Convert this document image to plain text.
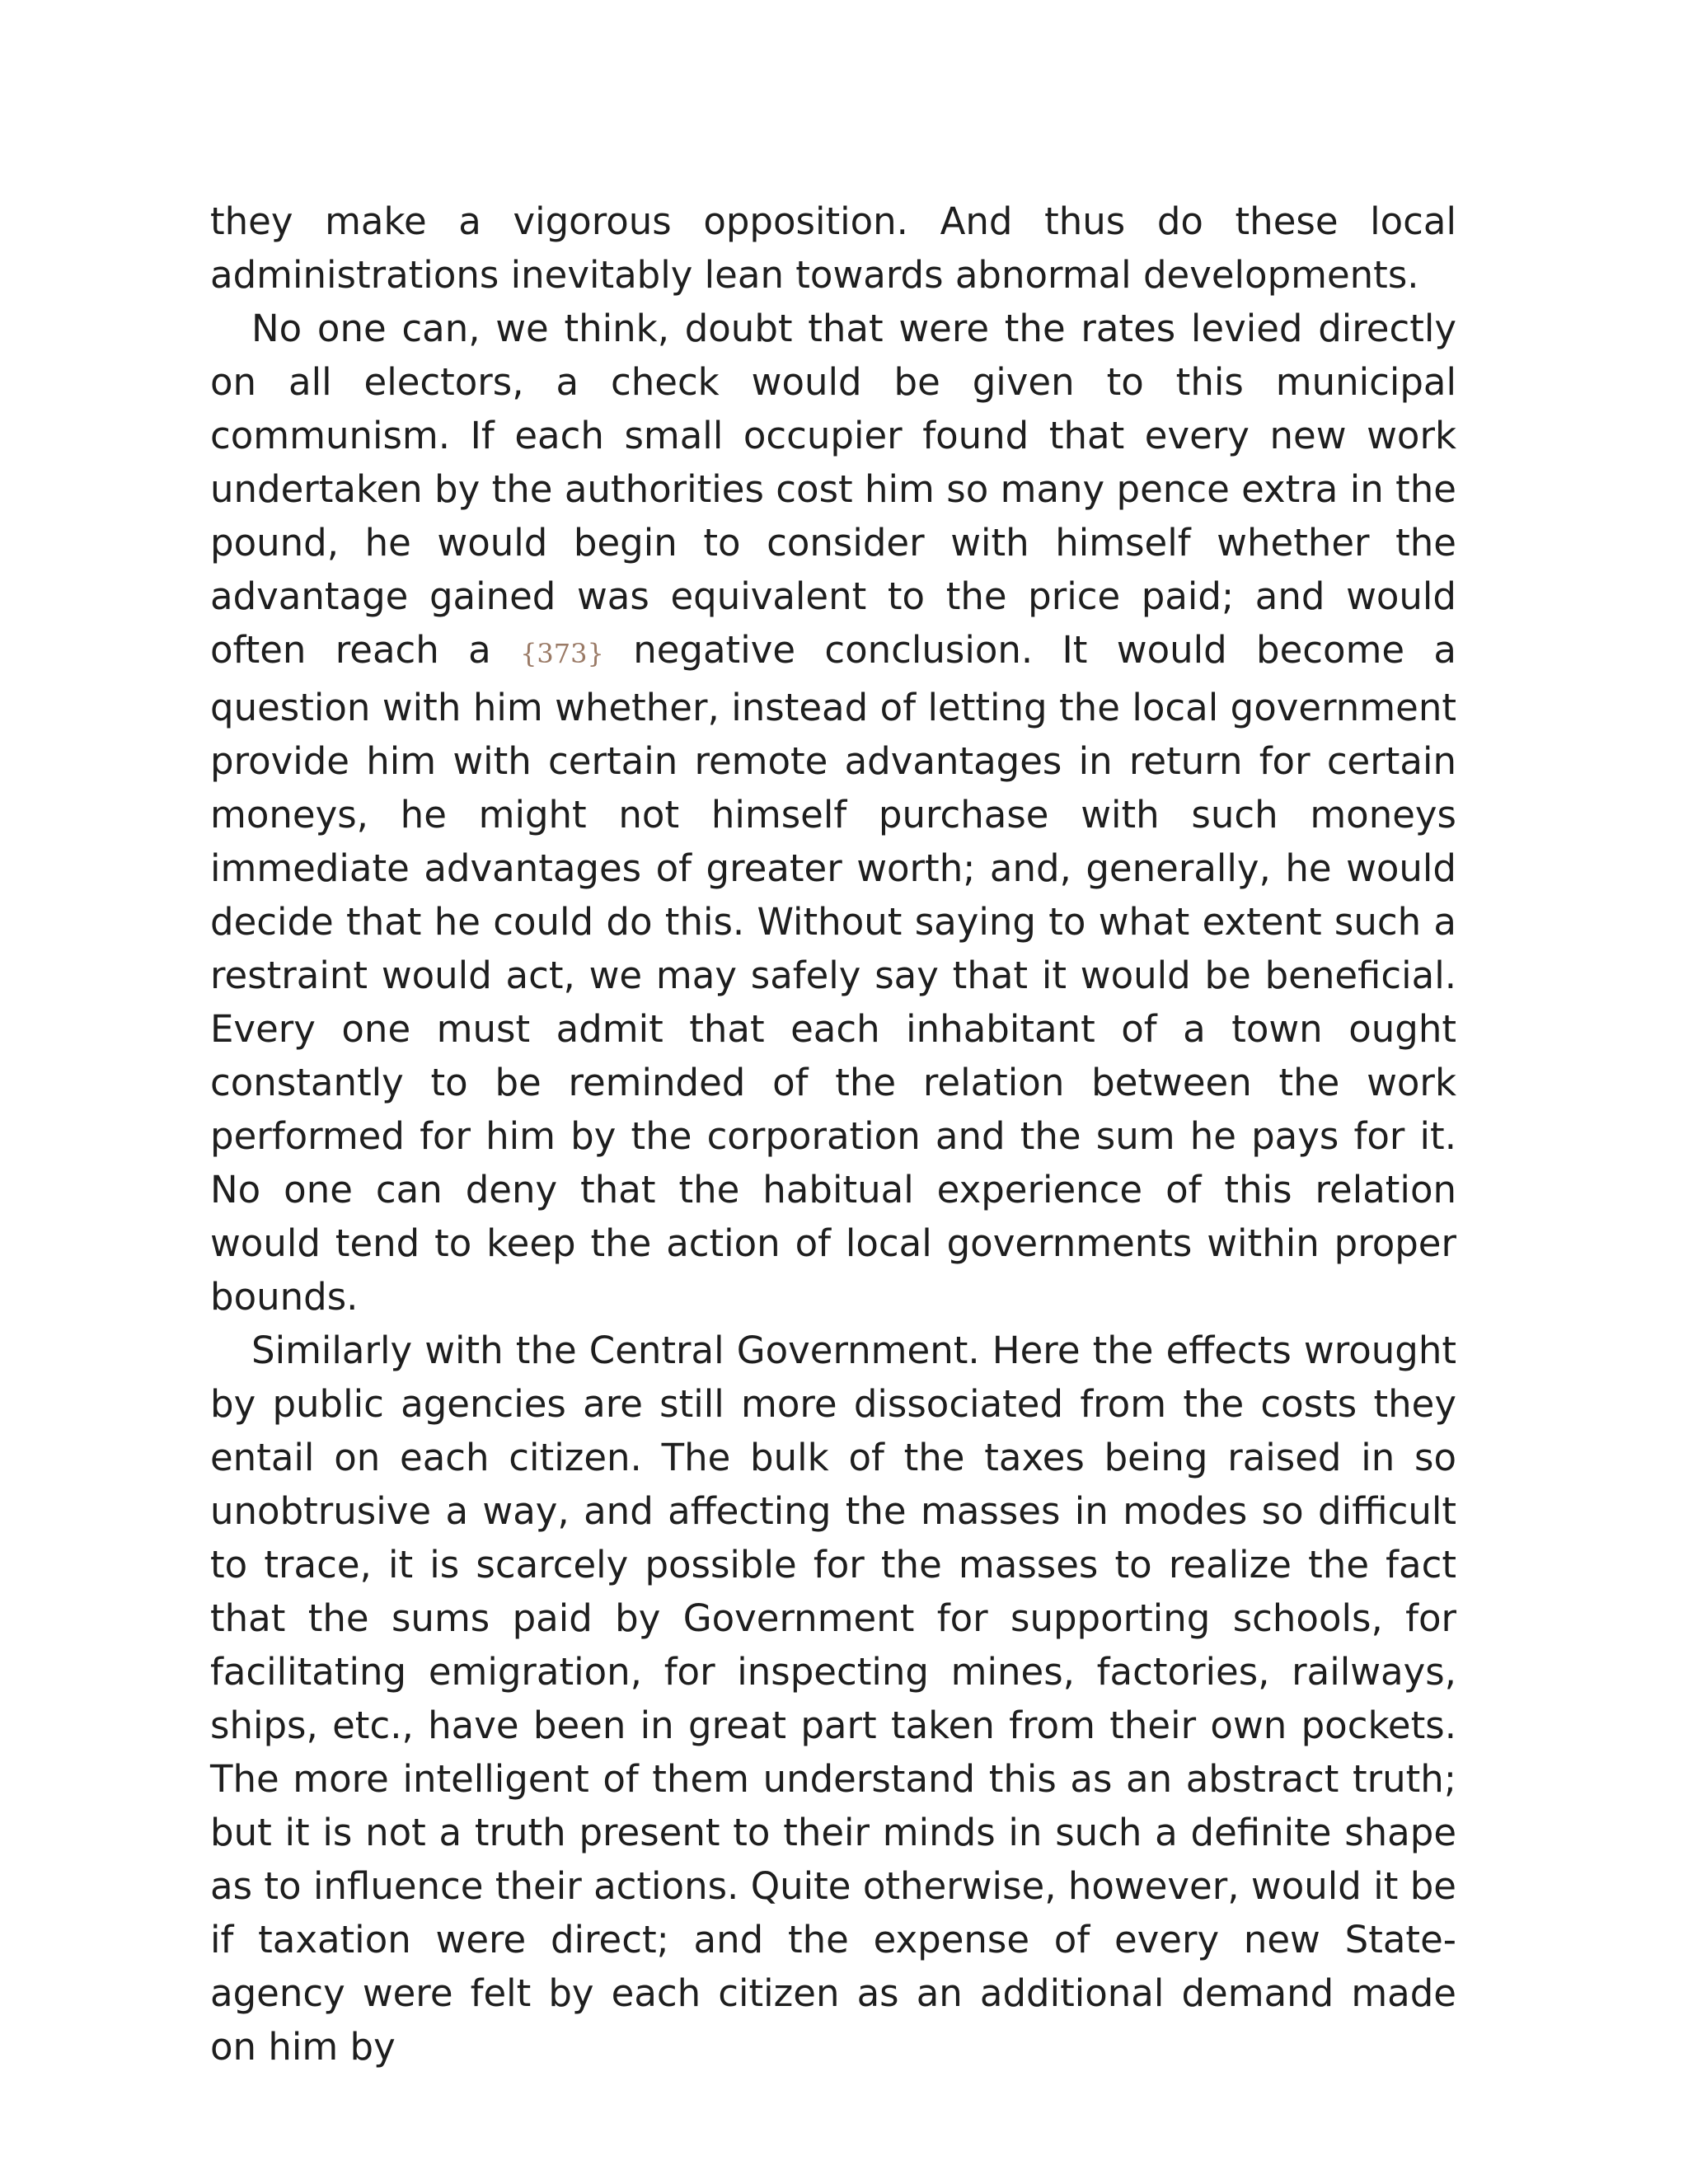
they make a vigorous opposition. And thus do these local administrations inevitably lean towards abnormal developments.

No one can, we think, doubt that were the rates levied directly on all electors, a check would be given to this municipal communism. If each small occupier found that every new work undertaken by the authorities cost him so many pence extra in the pound, he would begin to consider with himself whether the advantage gained was equivalent to the price paid; and would often reach a {373} negative conclusion. It would become a question with him whether, instead of letting the local government provide him with certain remote advantages in return for certain moneys, he might not himself purchase with such moneys immediate advantages of greater worth; and, generally, he would decide that he could do this. Without saying to what extent such a restraint would act, we may safely say that it would be beneficial. Every one must admit that each inhabitant of a town ought constantly to be reminded of the relation between the work performed for him by the corporation and the sum he pays for it. No one can deny that the habitual experience of this relation would tend to keep the action of local governments within proper bounds.

Similarly with the Central Government. Here the effects wrought by public agencies are still more dissociated from the costs they entail on each citizen. The bulk of the taxes being raised in so unobtrusive a way, and affecting the masses in modes so difficult to trace, it is scarcely possible for the masses to realize the fact that the sums paid by Government for supporting schools, for facilitating emigration, for inspecting mines, factories, railways, ships, etc., have been in great part taken from their own pockets. The more intelligent of them understand this as an abstract truth; but it is not a truth present to their minds in such a definite shape as to influence their actions. Quite otherwise, however, would it be if taxation were direct; and the expense of every new State-agency were felt by each citizen as an additional demand made on him by
